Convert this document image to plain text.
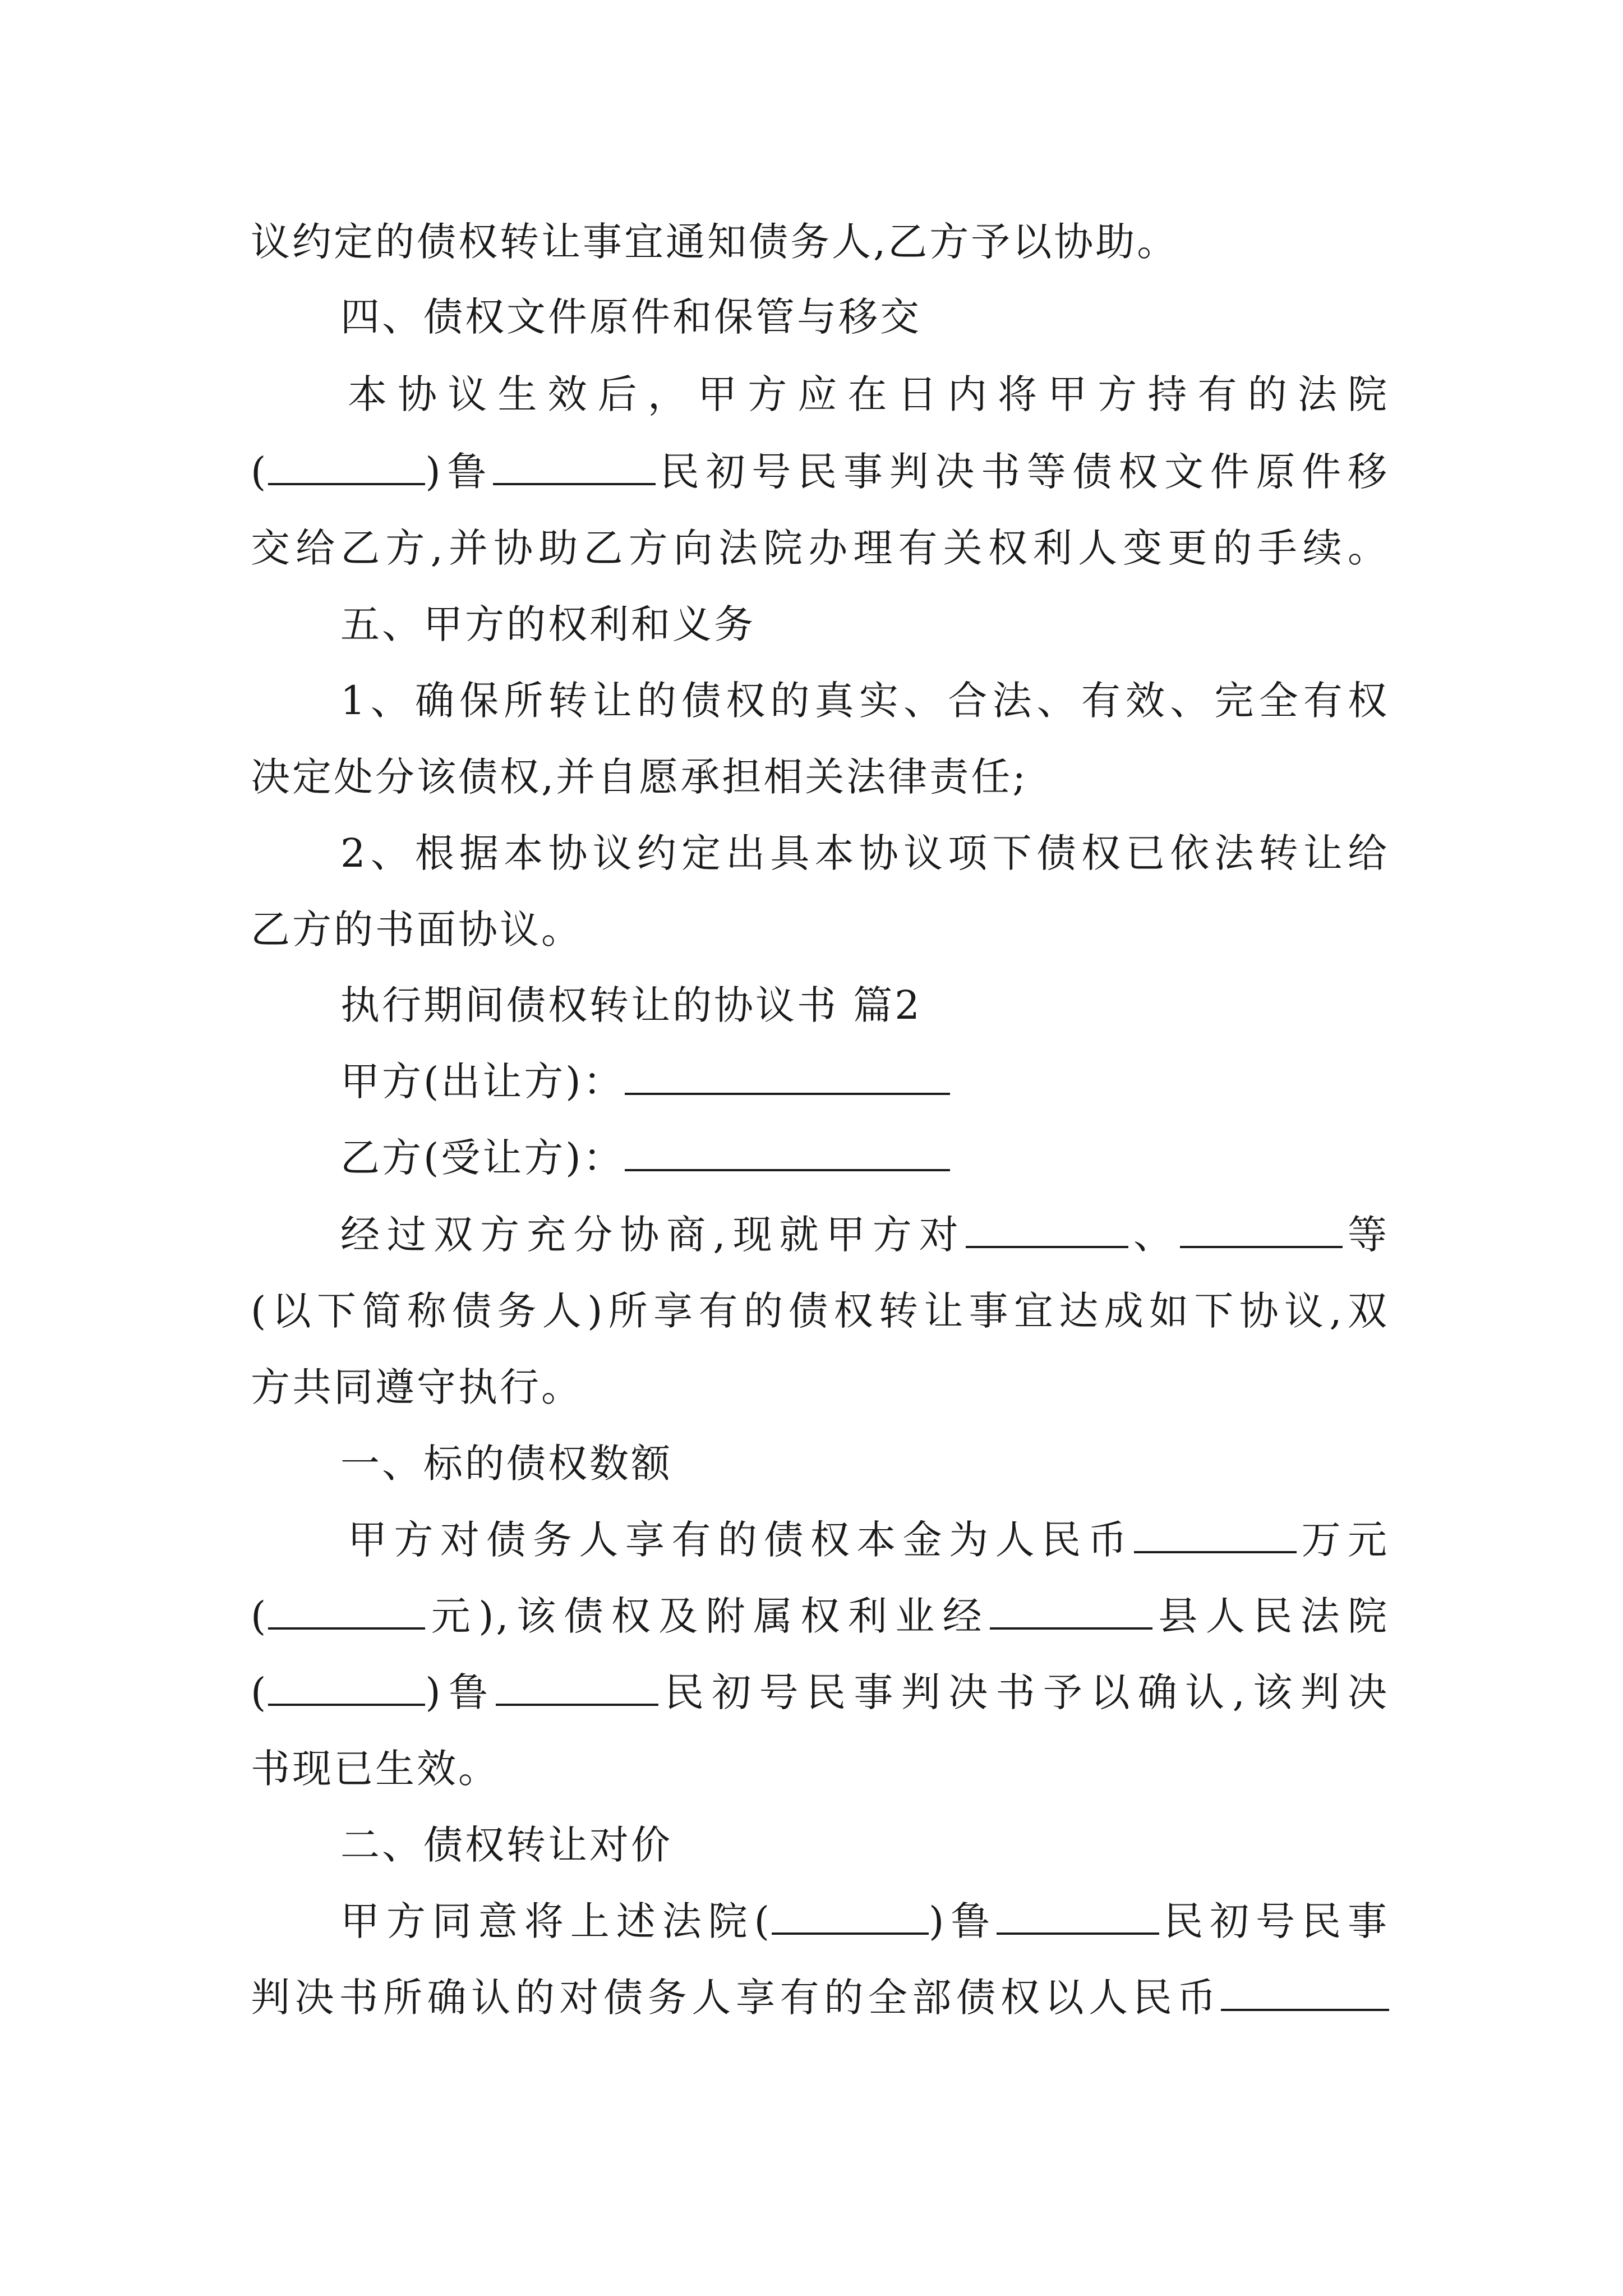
议约定的债权转让事宜通知债务人,乙方予以协助。
四、债权文件原件和保管与移交
本协议生效后，甲方应在日内将甲方持有的法院
(	)鲁	民初号民事判决书等债权文件原件移
交给乙方,并协助乙方向法院办理有关权利人变更的手续。
五、甲方的权利和义务
1、确保所转让的债权的真实、合法、有效、完全有权
决定处分该债权,并自愿承担相关法律责任;
2、根据本协议约定出具本协议项下债权已依法转让给
乙方的书面协议。
执行期间债权转让的协议书 篇2
甲方(出让方)：
乙方(受让方)：
经过双方充分协商,现就甲方对	、	等
(以下简称债务人)所享有的债权转让事宜达成如下协议,双
方共同遵守执行。
一、标的债权数额
甲方对债务人享有的债权本金为人民币	万元
(	元),该债权及附属权利业经	县人民法院
(	)鲁	民初号民事判决书予以确认,该判决
书现已生效。
二、债权转让对价
甲方同意将上述法院(	)鲁	民初号民事
判决书所确认的对债务人享有的全部债权以人民币
